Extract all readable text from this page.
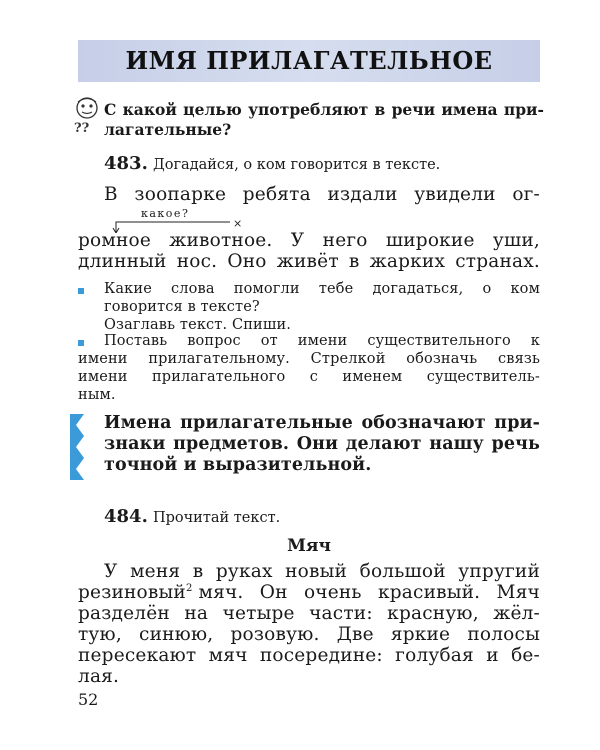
ИМЯ ПРИЛАГАТЕЛЬНОЕ
??
С какой целью употребляют в речи имена при-
лагательные?
483. Догадайся, о ком говорится в тексте.
В зоопарке ребята издали увидели ог-
какое?
×
ромное животное. У него широкие уши,
длинный нос. Оно живёт в жарких странах.
Какие слова помогли тебе догадаться, о ком
говорится в тексте?
Озаглавь текст. Спиши.
Поставь вопрос от имени существительного к
имени прилагательному. Стрелкой обозначь связь
имени прилагательного с именем существитель-
ным.
Имена прилагательные обозначают при-
знаки предметов. Они делают нашу речь
точной и выразительной.
484. Прочитай текст.
Мяч
У меня в руках новый большой упругий
резиновый$^2$ мяч. Он очень красивый. Мяч
разделён на четыре части: красную, жёл-
тую, синюю, розовую. Две яркие полосы
пересекают мяч посередине: голубая и бе-
лая.
52
